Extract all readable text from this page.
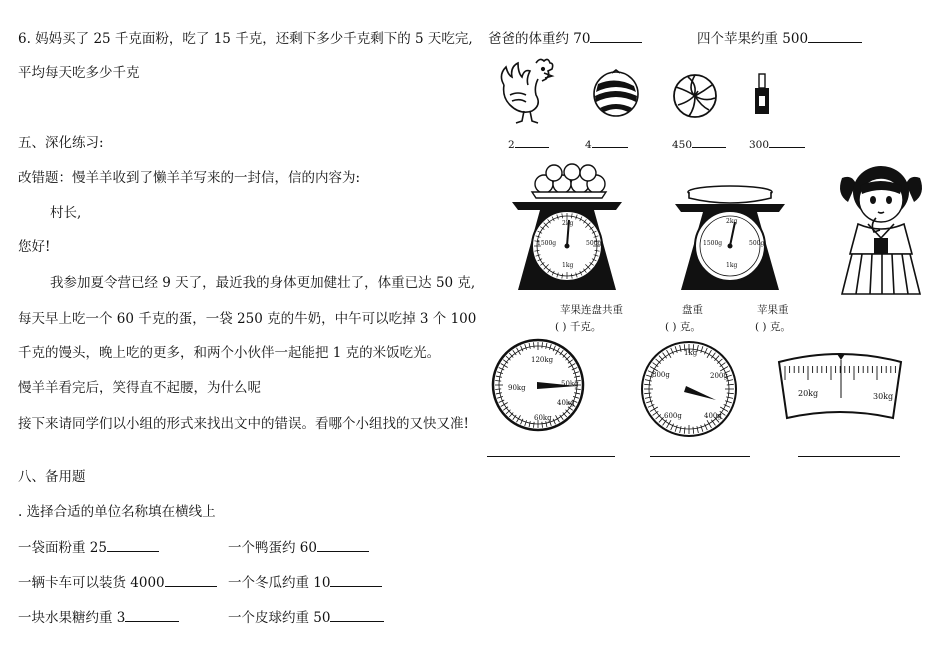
6. 妈妈买了 25 千克面粉，吃了 15 千克，还剩下多少千克剩下的 5 天吃完,
平均每天吃多少千克
五、深化练习:
改错题：慢羊羊收到了懒羊羊写来的一封信，信的内容为:
村长,
您好!
我参加夏令营已经 9 天了，最近我的身体更加健壮了，体重已达 50 克,
每天早上吃一个 60 千克的蛋，一袋 250 克的牛奶，中午可以吃掉 3 个 100
千克的馒头，晚上吃的更多，和两个小伙伴一起能把 1 克的米饭吃光。
慢羊羊看完后，笑得直不起腰，为什么呢
接下来请同学们以小组的形式来找出文中的错误。看哪个小组找的又快又准!
八、备用题
. 选择合适的单位名称填在横线上
一袋面粉重 25	一个鸭蛋约 60
一辆卡车可以装货 4000	一个冬瓜约重 10
一块水果糖约重 3	一个皮球约重 50
爸爸的体重约 70	四个苹果约重 500
2	4	450	300
2kg
1500g	500g
1kg
2kg
1500g	500g
1kg
苹果连盘共重	盘重	苹果重
( ) 千克。	( ) 克。	( ) 克。
120kg
90kg	50kg
40kg
60kg
1kg
800g	200g
600g	400g
20kg	30kg
